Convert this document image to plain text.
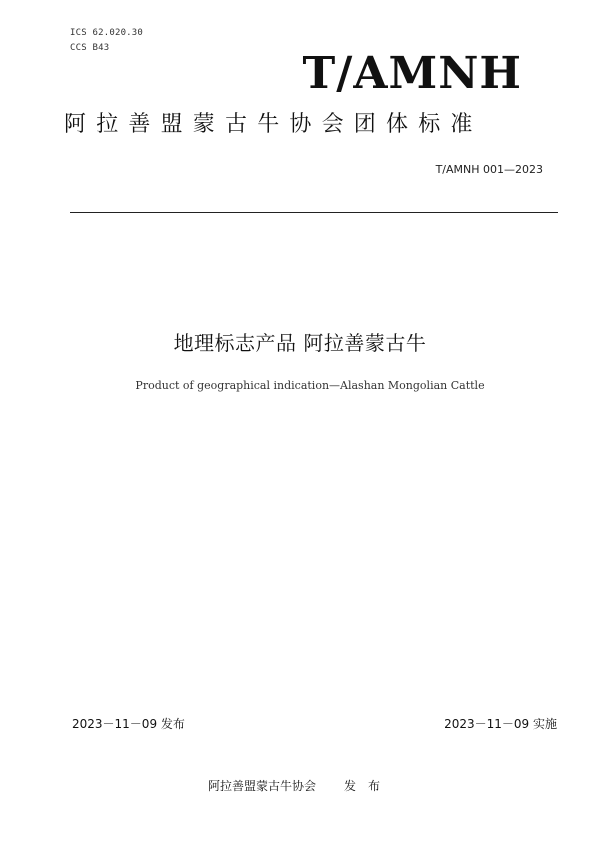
ICS 62.020.30
CCS B43	T/AMNH
阿拉善盟蒙古牛协会团体标准
T/AMNH 001—2023
地理标志产品 阿拉善蒙古牛
Product of geographical indication—Alashan Mongolian Cattle
2023－11－09 发布	2023－11－09 实施
阿拉善盟蒙古牛协会 发布
